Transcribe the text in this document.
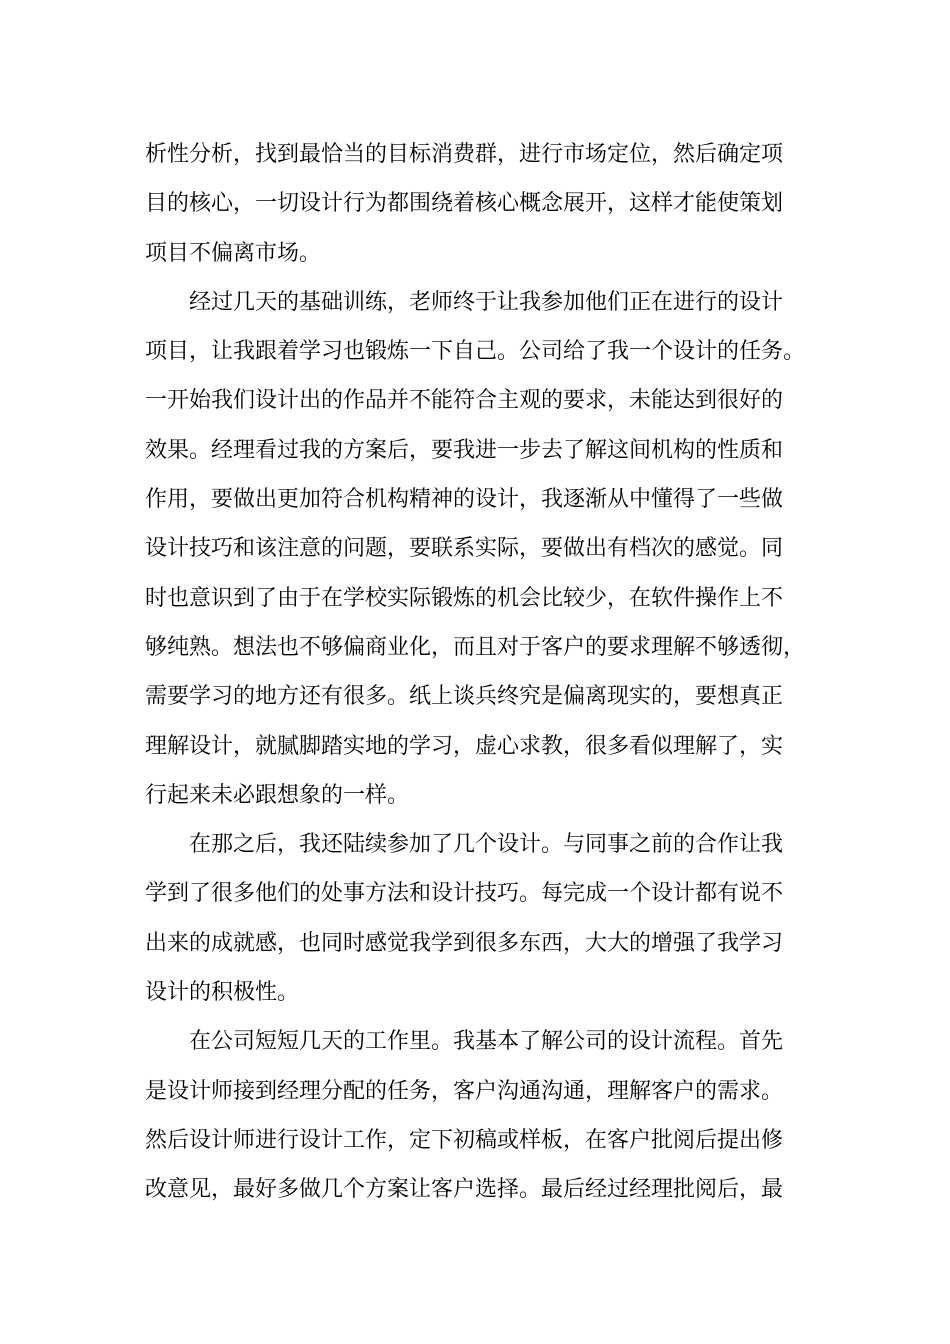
析性分析，找到最恰当的目标消费群，进行市场定位，然后确定项
目的核心，一切设计行为都围绕着核心概念展开，这样才能使策划
项目不偏离市场。
经过几天的基础训练，老师终于让我参加他们正在进行的设计
项目，让我跟着学习也锻炼一下自己。公司给了我一个设计的任务。
一开始我们设计出的作品并不能符合主观的要求，未能达到很好的
效果。经理看过我的方案后，要我进一步去了解这间机构的性质和
作用，要做出更加符合机构精神的设计，我逐渐从中懂得了一些做
设计技巧和该注意的问题，要联系实际，要做出有档次的感觉。同
时也意识到了由于在学校实际锻炼的机会比较少，在软件操作上不
够纯熟。想法也不够偏商业化，而且对于客户的要求理解不够透彻，
需要学习的地方还有很多。纸上谈兵终究是偏离现实的，要想真正
理解设计，就腻脚踏实地的学习，虚心求教，很多看似理解了，实
行起来未必跟想象的一样。
在那之后，我还陆续参加了几个设计。与同事之前的合作让我
学到了很多他们的处事方法和设计技巧。每完成一个设计都有说不
出来的成就感，也同时感觉我学到很多东西，大大的增强了我学习
设计的积极性。
在公司短短几天的工作里。我基本了解公司的设计流程。首先
是设计师接到经理分配的任务，客户沟通沟通，理解客户的需求。
然后设计师进行设计工作，定下初稿或样板，在客户批阅后提出修
改意见，最好多做几个方案让客户选择。最后经过经理批阅后，最
